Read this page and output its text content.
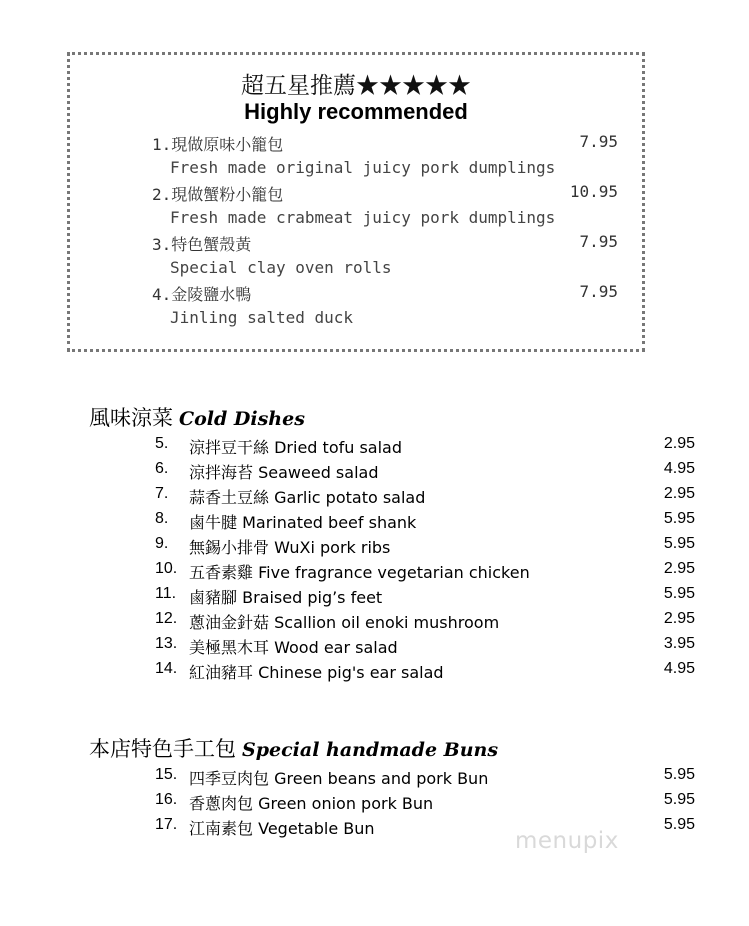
超五星推薦★★★★★
Highly recommended
1.現做原味小籠包	7.95
Fresh made original juicy pork dumplings
2.現做蟹粉小籠包	10.95
Fresh made crabmeat juicy pork dumplings
3.特色蟹殼黃	7.95
Special clay oven rolls
4.金陵鹽水鴨	7.95
Jinling salted duck
風味涼菜 Cold Dishes
5. 涼拌豆干絲 Dried tofu salad	2.95
6. 涼拌海苔 Seaweed salad	4.95
7. 蒜香土豆絲 Garlic potato salad	2.95
8. 鹵牛腱 Marinated beef shank	5.95
9. 無錫小排骨 WuXi pork ribs	5.95
10. 五香素雞 Five fragrance vegetarian chicken	2.95
11. 鹵豬腳 Braised pig’s feet	5.95
12. 蔥油金針菇 Scallion oil enoki mushroom	2.95
13. 美極黑木耳 Wood ear salad	3.95
14. 紅油豬耳 Chinese pig's ear salad	4.95
本店特色手工包 Special handmade Buns
15. 四季豆肉包 Green beans and pork Bun	5.95
16. 香蔥肉包 Green onion pork Bun	5.95
17. 江南素包 Vegetable Bun	5.95
menupix
